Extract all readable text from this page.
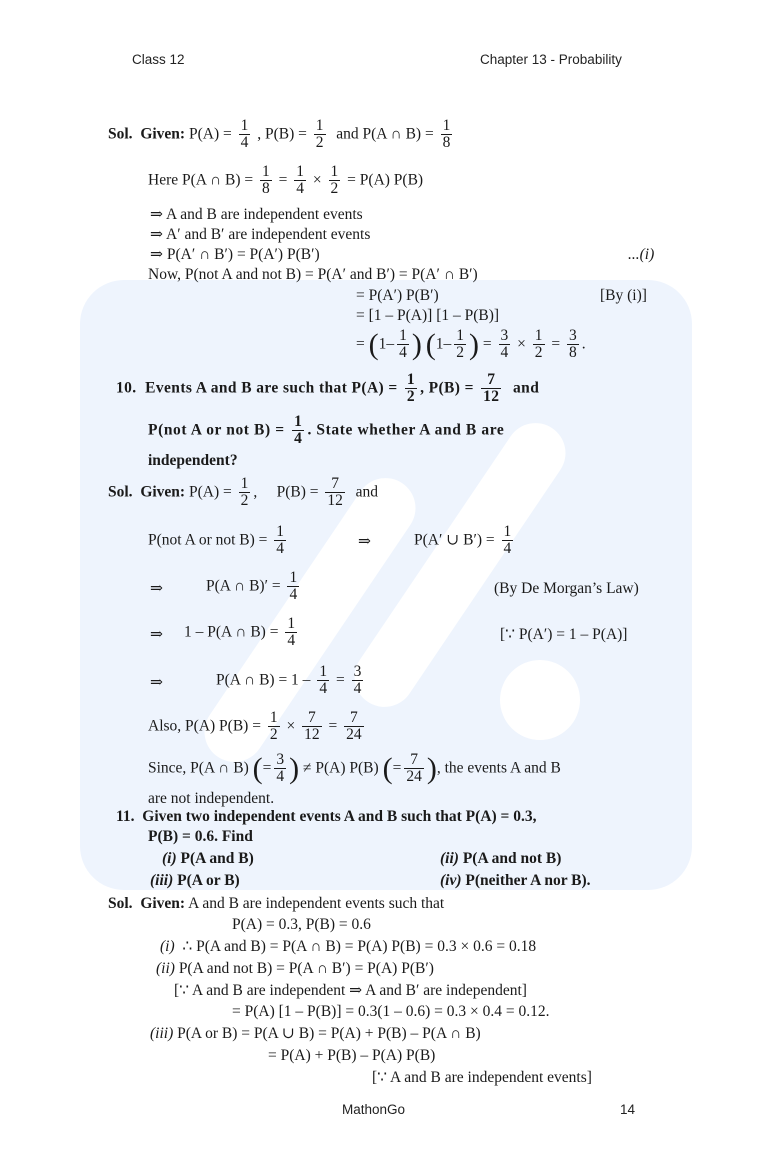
Class 12	Chapter 13 - Probability
Sol. Given: $P(A) = \frac{1}{4}$ , $P(B) = \frac{1}{2}$ and P(A ∩ $B) = \frac{1}{8}$
Here P(A ∩ $B) = \frac{1}{8} = \frac{1}{4} \times \frac{1}{2} = P(A)$ P(B)
⇒ A and B are independent events
⇒ A′ and B′ are independent events
⇒ P(A′ ∩ B′) = P(A′) P(B′)	...(i)
Now, P(not A and not B) = P(A′ and B′) = P(A′ ∩ B′)
= P(A′) P(B′)	[By (i)]
= [1 – P(A)] [1 – P(B)]
= ($1- \frac{1}{4}$ ) ($1- \frac{1}{2}$ ) = $\frac{3}{4} \times \frac{1}{2} = \frac{3}{8}$ .
10. Events A and B are such that $P(A) = \frac{1}{2}$ , $P(B) = \frac{7}{12}$ and
P(not A or not $B) = \frac{1}{4}$ . State whether A and B are
independent?
Sol. Given: $P(A) = \frac{1}{2}$ , $P(B) = \frac{7}{12}$ and
P(not A or not $B) = \frac{1}{4}$	⇒	P(A′ ∪ $B') = \frac{1}{4}$
⇒	P(A ∩ $B)' = \frac{1}{4}$	(By De Morgan’s Law)
⇒ 1 – P(A ∩ $B) = \frac{1}{4}$	[∵ P(A′) = 1 – P(A)]
⇒	P(A ∩ $B) = 1 - \frac{1}{4} = \frac{3}{4}$
Also, P(A) $P(B) = \frac{1}{2} \times \frac{7}{12} = \frac{7}{24}$
Since, P(A ∩ B) (= $\frac{3}{4}$ ) ≠ P(A) P(B) (= $\frac{7}{24}$ ), the events A and B
are not independent.
11. Given two independent events A and B such that P(A) = 0.3,
P(B) = 0.6. Find
(i) P(A and B)	(ii) P(A and not B)
(iii) P(A or B)	(iv) P(neither A nor B).
Sol. Given: A and B are independent events such that
P(A) = 0.3, P(B) = 0.6
(i) ∴ P(A and B) = P(A ∩ B) = P(A) P(B) = 0.3 × 0.6 = 0.18
(ii) P(A and not B) = P(A ∩ B′) = P(A) P(B′)
[∵ A and B are independent ⇒ A and B′ are independent]
= P(A) [1 – P(B)] = 0.3(1 – 0.6) = 0.3 × 0.4 = 0.12.
(iii) P(A or B) = P(A ∪ B) = P(A) + P(B) – P(A ∩ B)
= P(A) + P(B) – P(A) P(B)
[∵ A and B are independent events]
MathonGo	14
